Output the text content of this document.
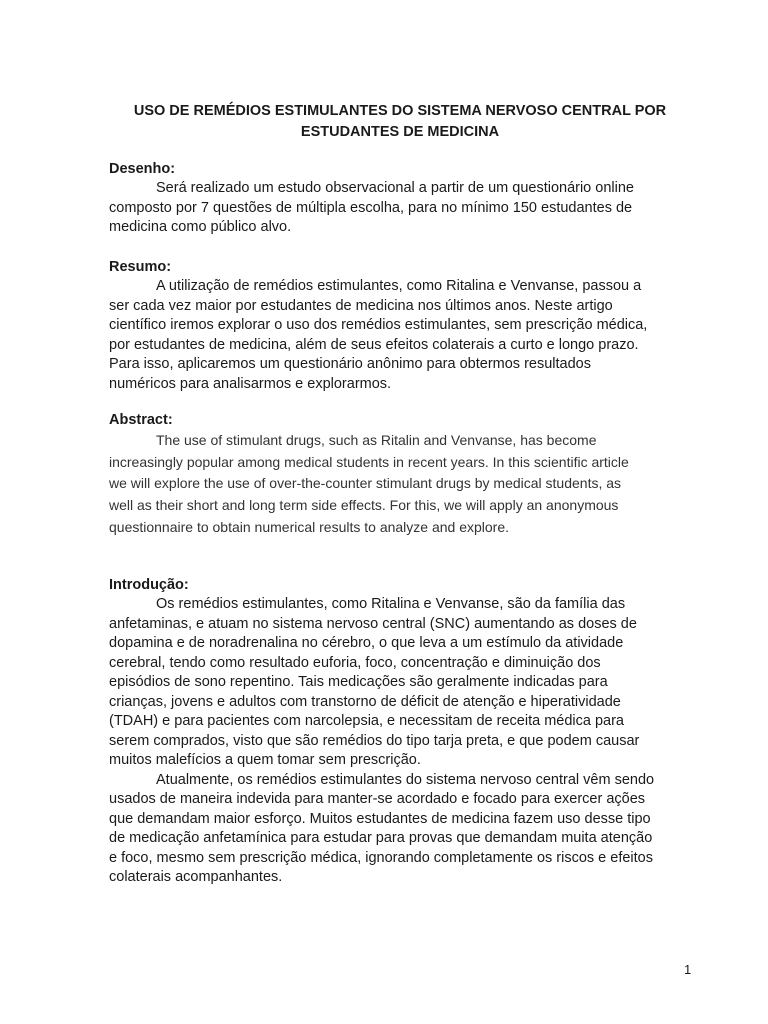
USO DE REMÉDIOS ESTIMULANTES DO SISTEMA NERVOSO CENTRAL POR
ESTUDANTES DE MEDICINA

Desenho:

Será realizado um estudo observacional a partir de um questionário online
composto por 7 questões de múltipla escolha, para no mínimo 150 estudantes de
medicina como público alvo.

Resumo:

A utilização de remédios estimulantes, como Ritalina e Venvanse, passou a
ser cada vez maior por estudantes de medicina nos últimos anos. Neste artigo
científico iremos explorar o uso dos remédios estimulantes, sem prescrição médica,
por estudantes de medicina, além de seus efeitos colaterais a curto e longo prazo.
Para isso, aplicaremos um questionário anônimo para obtermos resultados
numéricos para analisarmos e explorarmos.

Abstract:

The use of stimulant drugs, such as Ritalin and Venvanse, has become
increasingly popular among medical students in recent years. In this scientific article
we will explore the use of over-the-counter stimulant drugs by medical students, as
well as their short and long term side effects. For this, we will apply an anonymous
questionnaire to obtain numerical results to analyze and explore.

Introdução:

Os remédios estimulantes, como Ritalina e Venvanse, são da família das
anfetaminas, e atuam no sistema nervoso central (SNC) aumentando as doses de
dopamina e de noradrenalina no cérebro, o que leva a um estímulo da atividade
cerebral, tendo como resultado euforia, foco, concentração e diminuição dos
episódios de sono repentino. Tais medicações são geralmente indicadas para
crianças, jovens e adultos com transtorno de déficit de atenção e hiperatividade
(TDAH) e para pacientes com narcolepsia, e necessitam de receita médica para
serem comprados, visto que são remédios do tipo tarja preta, e que podem causar
muitos malefícios a quem tomar sem prescrição.

Atualmente, os remédios estimulantes do sistema nervoso central vêm sendo
usados de maneira indevida para manter-se acordado e focado para exercer ações
que demandam maior esforço. Muitos estudantes de medicina fazem uso desse tipo
de medicação anfetamínica para estudar para provas que demandam muita atenção
e foco, mesmo sem prescrição médica, ignorando completamente os riscos e efeitos
colaterais acompanhantes.

1
